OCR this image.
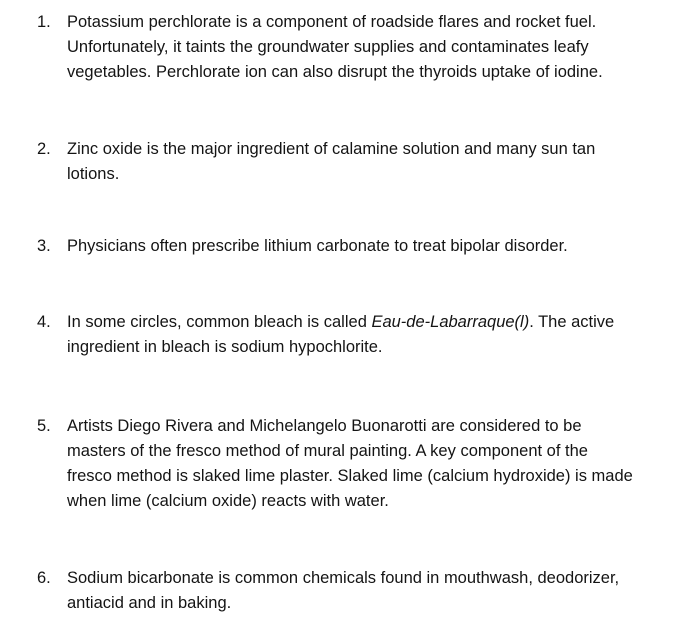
1. Potassium perchlorate is a component of roadside flares and rocket fuel.
Unfortunately, it taints the groundwater supplies and contaminates leafy
vegetables. Perchlorate ion can also disrupt the thyroids uptake of iodine.
2. Zinc oxide is the major ingredient of calamine solution and many sun tan
lotions.
3. Physicians often prescribe lithium carbonate to treat bipolar disorder.
4. In some circles, common bleach is called Eau-de-Labarraque(l). The active
ingredient in bleach is sodium hypochlorite.
5. Artists Diego Rivera and Michelangelo Buonarotti are considered to be
masters of the fresco method of mural painting. A key component of the
fresco method is slaked lime plaster. Slaked lime (calcium hydroxide) is made
when lime (calcium oxide) reacts with water.
6. Sodium bicarbonate is common chemicals found in mouthwash, deodorizer,
antiacid and in baking.
